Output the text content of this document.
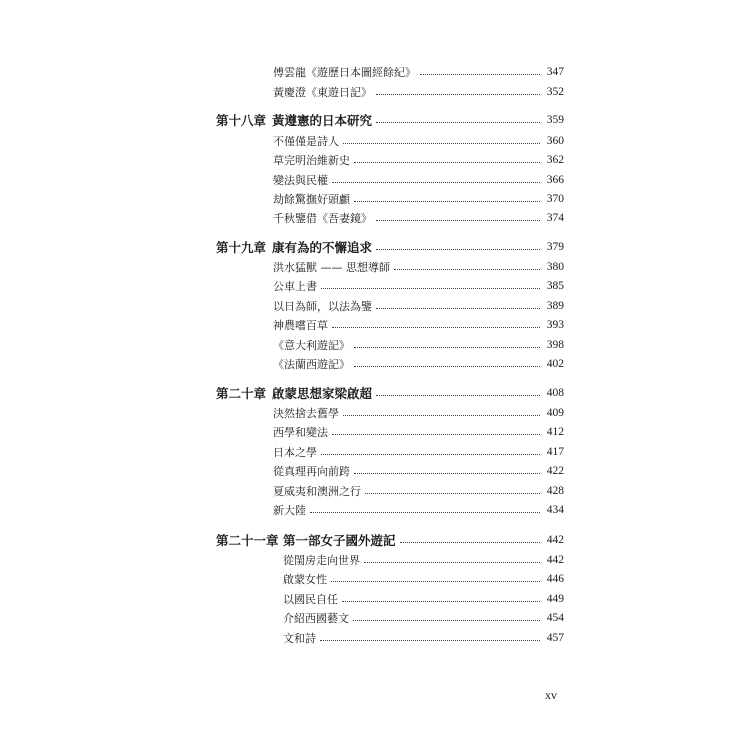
傅雲龍《遊歷日本圖經餘紀》	347
黃慶澄《東遊日記》	352
第十八章 黃遵憲的日本研究	359
不僅僅是詩人	360
草完明治維新史	362
變法與民權	366
劫餘驚撫好頭顱	370
千秋鑒借《吾妻鏡》	374
第十九章 康有為的不懈追求	379
洪水猛獸 —— 思想導師	380
公車上書	385
以日為師，以法為鑒	389
神農嚐百草	393
《意大利遊記》	398
《法蘭西遊記》	402
第二十章 啟蒙思想家梁啟超	408
決然捨去舊學	409
西學和變法	412
日本之學	417
從真理再向前跨	422
夏威夷和澳洲之行	428
新大陸	434
第二十一章 第一部女子國外遊記	442
從閨房走向世界	442
啟蒙女性	446
以國民自任	449
介紹西國藝文	454
文和詩	457
xv
